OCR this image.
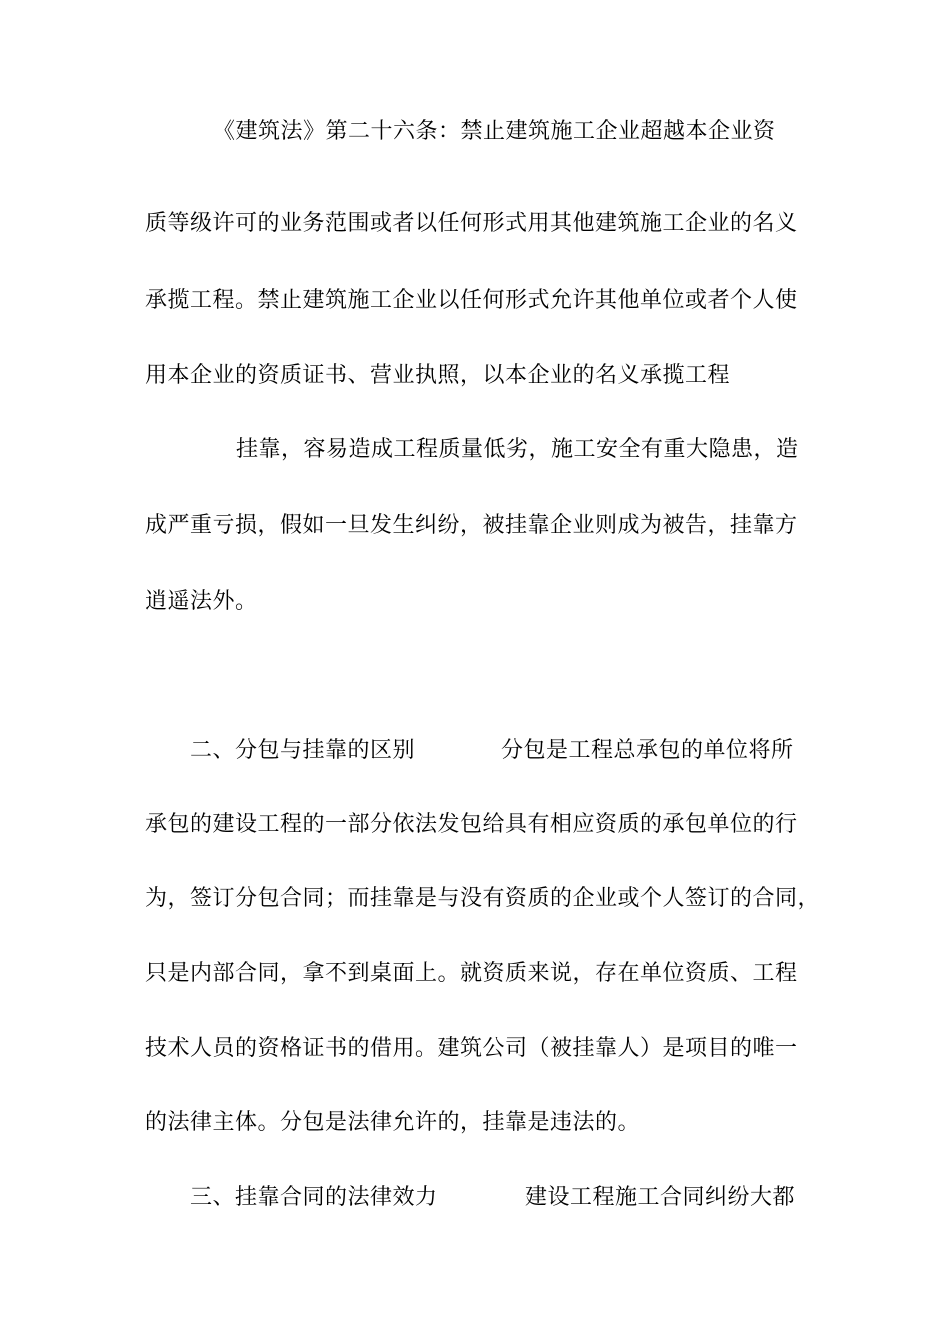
《建筑法》第二十六条：禁止建筑施工企业超越本企业资
质等级许可的业务范围或者以任何形式用其他建筑施工企业的名义
承揽工程。禁止建筑施工企业以任何形式允许其他单位或者个人使
用本企业的资质证书、营业执照，以本企业的名义承揽工程
挂靠，容易造成工程质量低劣，施工安全有重大隐患，造
成严重亏损，假如一旦发生纠纷，被挂靠企业则成为被告，挂靠方
逍遥法外。
二、分包与挂靠的区别	分包是工程总承包的单位将所
承包的建设工程的一部分依法发包给具有相应资质的承包单位的行
为，签订分包合同；而挂靠是与没有资质的企业或个人签订的合同，
只是内部合同，拿不到桌面上。就资质来说，存在单位资质、工程
技术人员的资格证书的借用。建筑公司（被挂靠人）是项目的唯一
的法律主体。分包是法律允许的，挂靠是违法的。
三、挂靠合同的法律效力	建设工程施工合同纠纷大都
